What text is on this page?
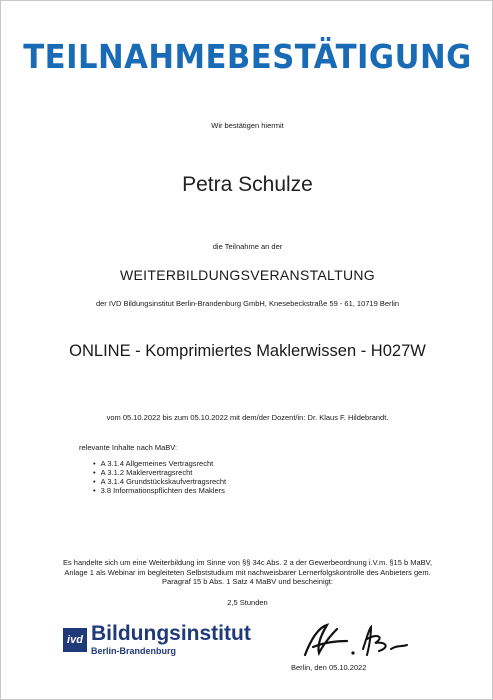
TEILNAHMEBESTÄTIGUNG
Wir bestätigen hiermit
Petra Schulze
die Teilnahme an der
WEITERBILDUNGSVERANSTALTUNG
der IVD Bildungsinstitut Berlin-Brandenburg GmbH, Knesebeckstraße 59 - 61, 10719 Berlin
ONLINE - Komprimiertes Maklerwissen - H027W
vom 05.10.2022 bis zum 05.10.2022 mit dem/der Dozent/in: Dr. Klaus F. Hildebrandt.
relevante Inhalte nach MaBV:
• A 3.1.4 Allgemeines Vertragsrecht
• A 3.1.2 Maklervertragsrecht
• A 3.1.4 Grundstückskaufvertragsrecht
• 3.8 Informationspflichten des Maklers
Es handelte sich um eine Weiterbildung im Sinne von §§ 34c Abs. 2 a der Gewerbeordnung i.V.m. §15 b MaBV,
Anlage 1 als Webinar im begleiteten Selbststudium mit nachweisbarer Lernerfolgskontrolle des Anbieters gem.
Paragraf 15 b Abs. 1 Satz 4 MaBV und bescheinigt:
2,5 Stunden
ivd Bildungsinstitut
Berlin-Brandenburg
Berlin, den 05.10.2022
